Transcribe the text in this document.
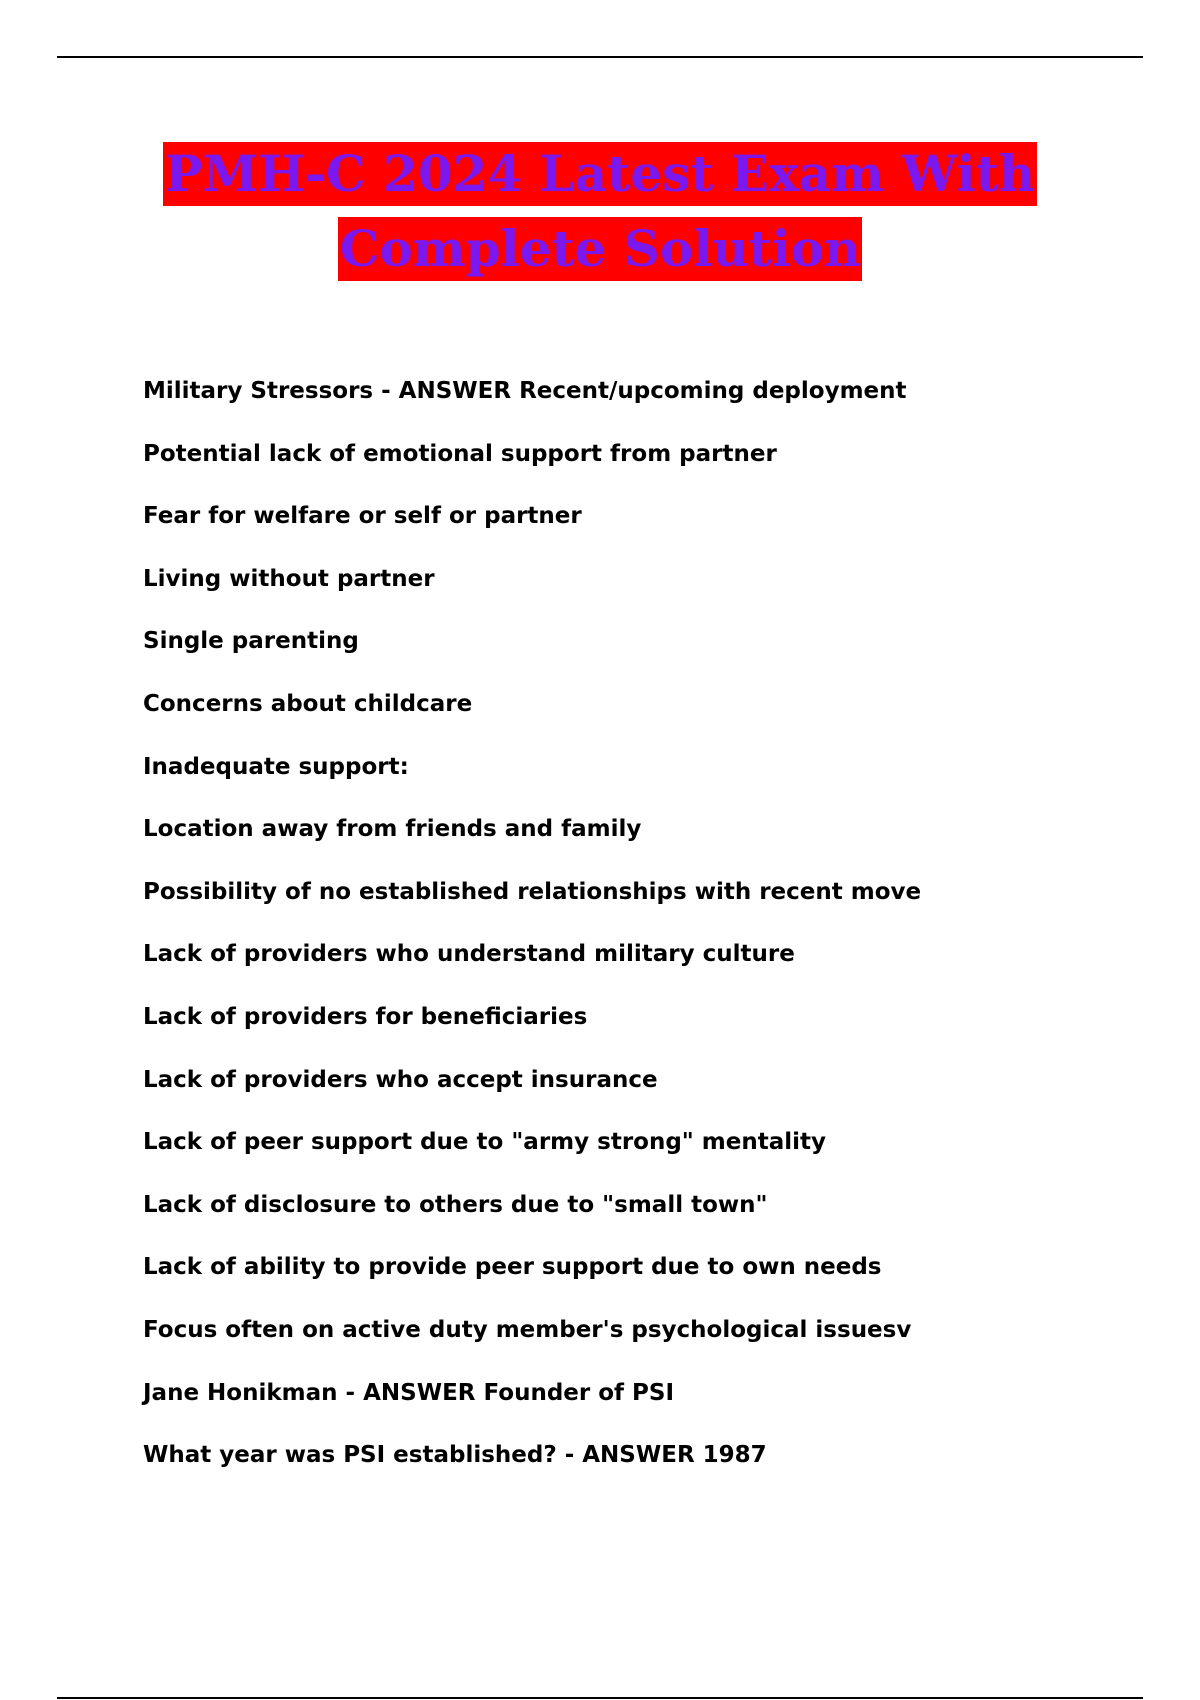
PMH-C 2024 Latest Exam With
Complete Solution
Military Stressors - ANSWER Recent/upcoming deployment
Potential lack of emotional support from partner
Fear for welfare or self or partner
Living without partner
Single parenting
Concerns about childcare
Inadequate support:
Location away from friends and family
Possibility of no established relationships with recent move
Lack of providers who understand military culture
Lack of providers for beneficiaries
Lack of providers who accept insurance
Lack of peer support due to "army strong" mentality
Lack of disclosure to others due to "small town"
Lack of ability to provide peer support due to own needs
Focus often on active duty member's psychological issuesv
Jane Honikman - ANSWER Founder of PSI
What year was PSI established? - ANSWER 1987
